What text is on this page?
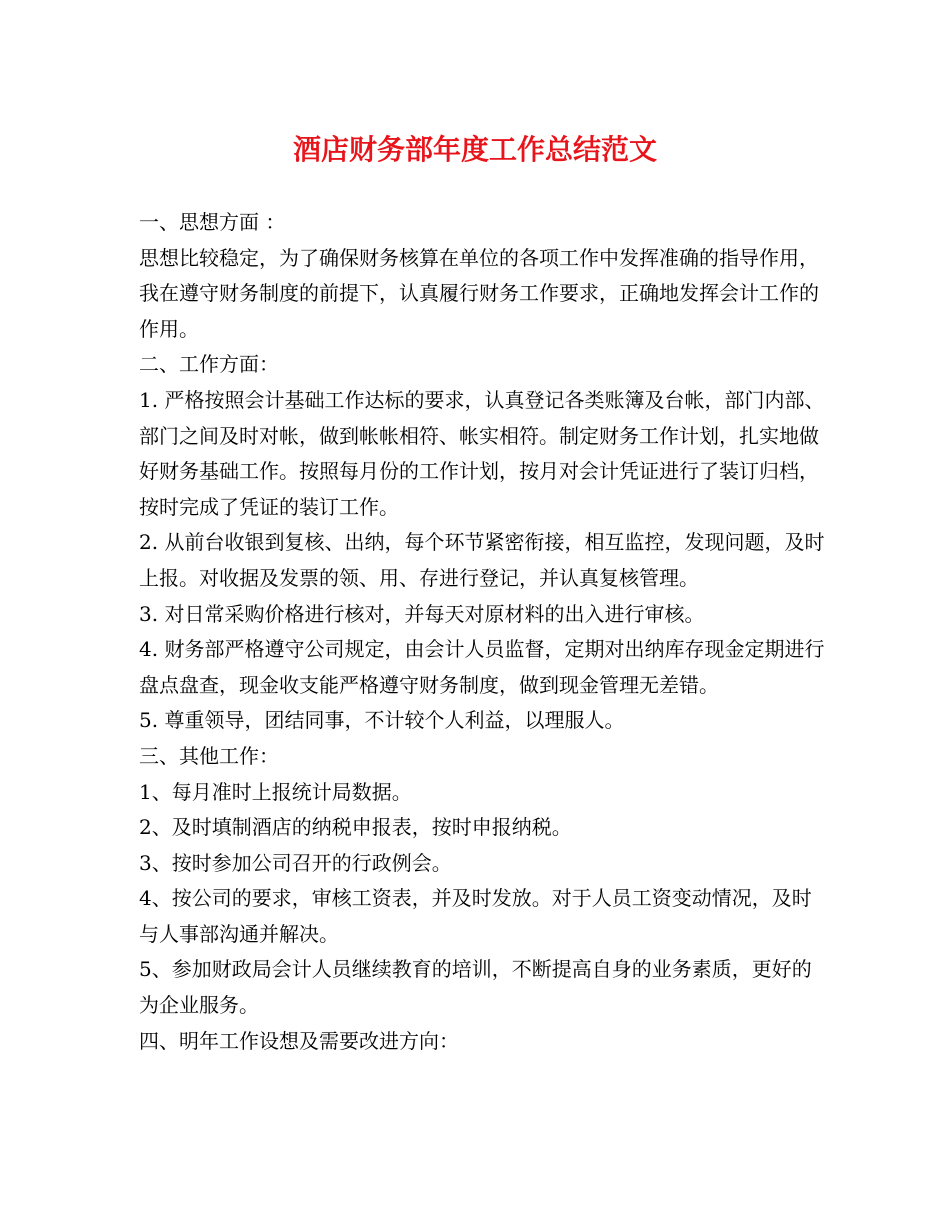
酒店财务部年度工作总结范文

一、思想方面 ：

思想比较稳定，为了确保财务核算在单位的各项工作中发挥准确的指导作用，我在遵守财务制度的前提下，认真履行财务工作要求，正确地发挥会计工作的作用。

二、工作方面：

1. 严格按照会计基础工作达标的要求，认真登记各类账簿及台帐，部门内部、部门之间及时对帐，做到帐帐相符、帐实相符。制定财务工作计划，扎实地做好财务基础工作。按照每月份的工作计划，按月对会计凭证进行了装订归档，按时完成了凭证的装订工作。

2. 从前台收银到复核、出纳，每个环节紧密衔接，相互监控，发现问题，及时上报。对收据及发票的领、用、存进行登记，并认真复核管理。

3. 对日常采购价格进行核对，并每天对原材料的出入进行审核。

4. 财务部严格遵守公司规定，由会计人员监督，定期对出纳库存现金定期进行盘点盘查，现金收支能严格遵守财务制度，做到现金管理无差错。

5. 尊重领导，团结同事，不计较个人利益，以理服人。

三、其他工作：

1、每月准时上报统计局数据。

2、及时填制酒店的纳税申报表，按时申报纳税。

3、按时参加公司召开的行政例会。

4、按公司的要求，审核工资表，并及时发放。对于人员工资变动情况，及时与人事部沟通并解决。

5、参加财政局会计人员继续教育的培训，不断提高自身的业务素质，更好的为企业服务。

四、明年工作设想及需要改进方向：
